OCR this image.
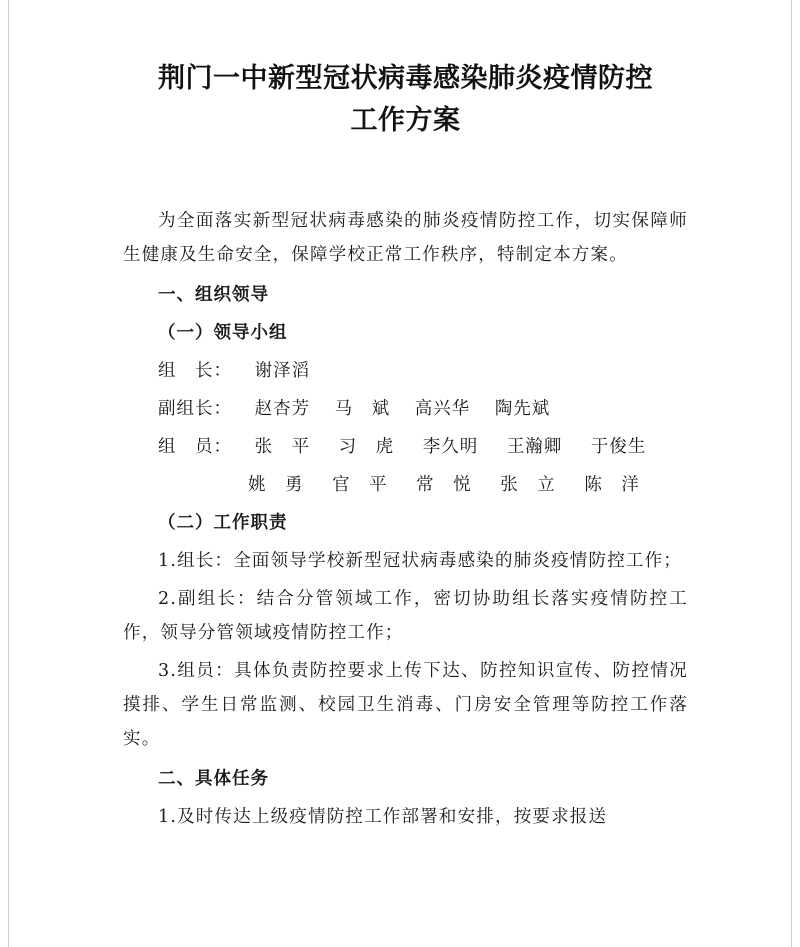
荆门一中新型冠状病毒感染肺炎疫情防控
工作方案

为全面落实新型冠状病毒感染的肺炎疫情防控工作，切实保障师生健康及生命安全，保障学校正常工作秩序，特制定本方案。

一、组织领导

（一）领导小组

组　长： 谢泽滔

副组长： 赵杏芳 马　斌 高兴华 陶先斌

组　员： 张　平 习　虎 李久明 王瀚卿 于俊生

姚　勇 官　平 常　悦 张　立 陈　洋

（二）工作职责

1.组长：全面领导学校新型冠状病毒感染的肺炎疫情防控工作；

2.副组长：结合分管领域工作，密切协助组长落实疫情防控工作，领导分管领域疫情防控工作；

3.组员：具体负责防控要求上传下达、防控知识宣传、防控情况摸排、学生日常监测、校园卫生消毒、门房安全管理等防控工作落实。

二、具体任务

1.及时传达上级疫情防控工作部署和安排，按要求报送
